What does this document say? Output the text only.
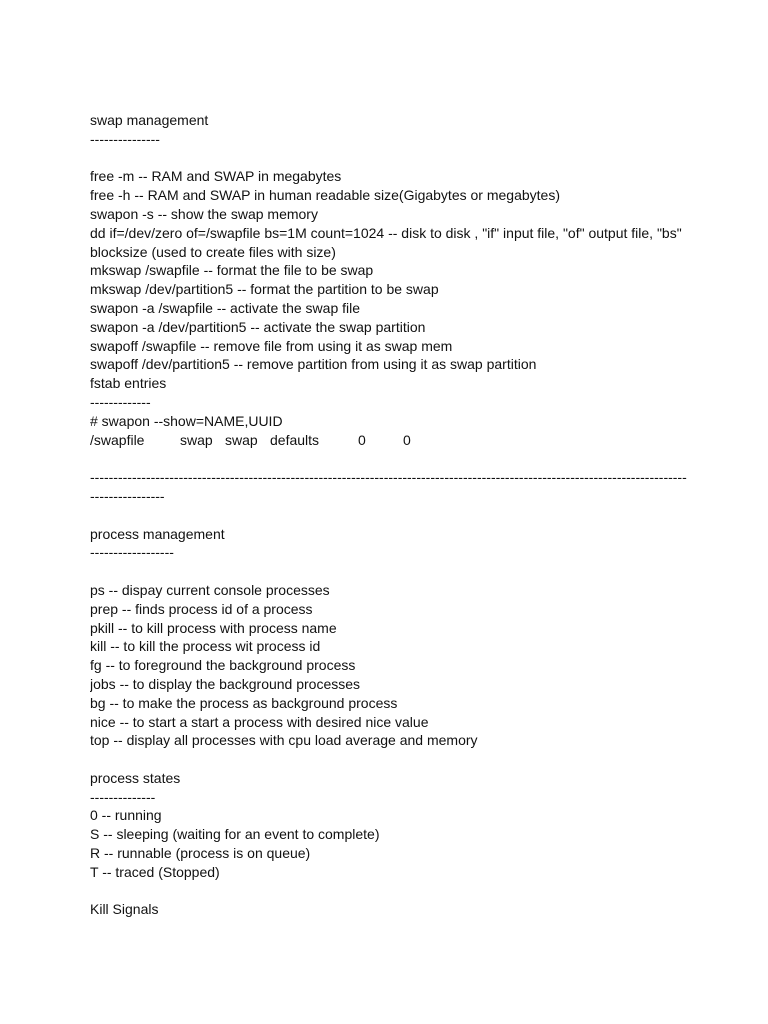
swap management
---------------
free -m -- RAM and SWAP in megabytes
free -h -- RAM and SWAP in human readable size(Gigabytes or megabytes)
swapon -s -- show the swap memory
dd if=/dev/zero of=/swapfile bs=1M count=1024 -- disk to disk , "if" input file, "of" output file, "bs"
blocksize (used to create files with size)
mkswap /swapfile -- format the file to be swap
mkswap /dev/partition5 -- format the partition to be swap
swapon -a /swapfile -- activate the swap file
swapon -a /dev/partition5 -- activate the swap partition
swapoff /swapfile -- remove file from using it as swap mem
swapoff /dev/partition5 -- remove partition from using it as swap partition
fstab entries
-------------
# swapon --show=NAME,UUID
/swapfile	swap swap defaults	0	0
------------------------------------------------------------------------------------------------------------------------------------------------
process management
------------------
ps -- dispay current console processes
prep -- finds process id of a process
pkill -- to kill process with process name
kill -- to kill the process wit process id
fg -- to foreground the background process
jobs -- to display the background processes
bg -- to make the process as background process
nice -- to start a start a process with desired nice value
top -- display all processes with cpu load average and memory
process states
--------------
0 -- running
S -- sleeping (waiting for an event to complete)
R -- runnable (process is on queue)
T -- traced (Stopped)
Kill Signals
